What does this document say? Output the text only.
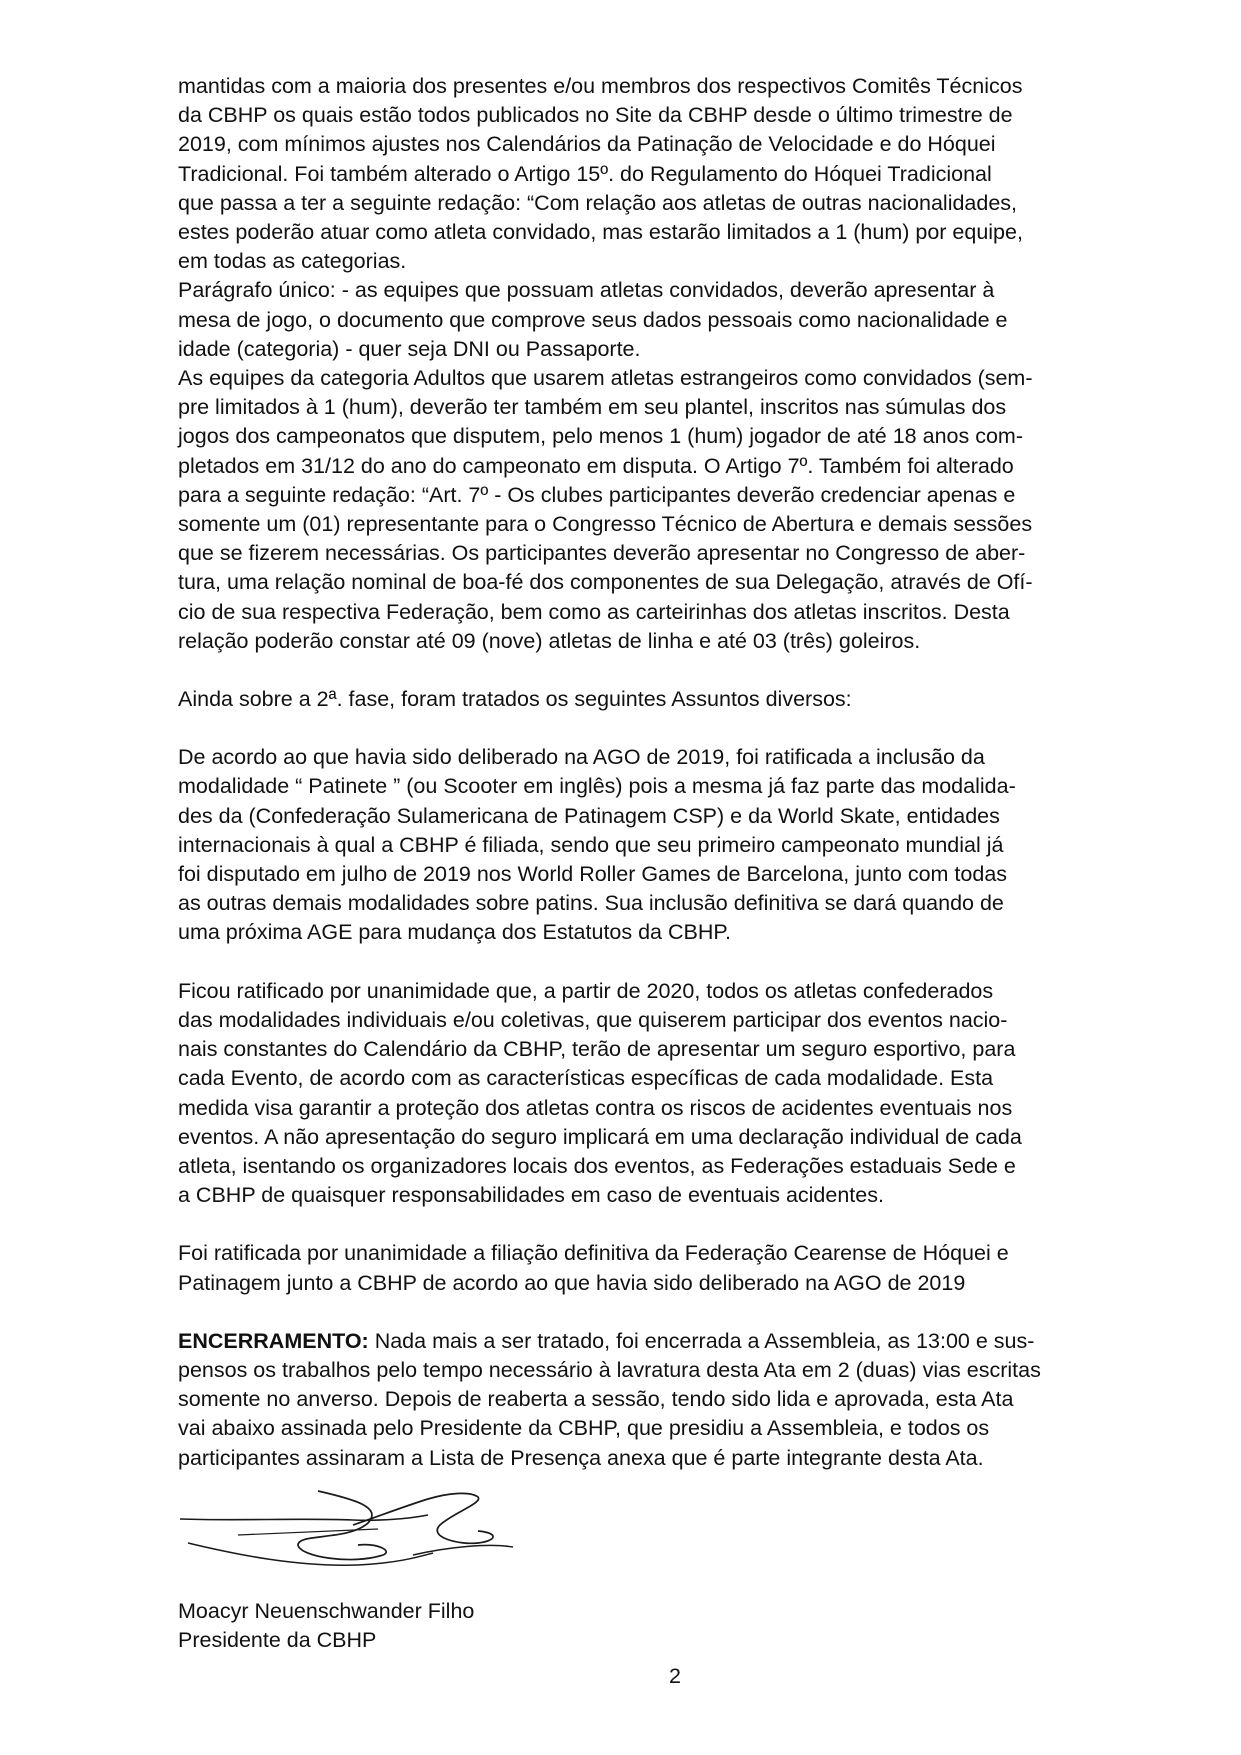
mantidas com a maioria dos presentes e/ou membros dos respectivos Comitês Técnicos
da CBHP os quais estão todos publicados no Site da CBHP desde o último trimestre de
2019, com mínimos ajustes nos Calendários da Patinação de Velocidade e do Hóquei
Tradicional. Foi também alterado o Artigo 15º. do Regulamento do Hóquei Tradicional
que passa a ter a seguinte redação: “Com relação aos atletas de outras nacionalidades,
estes poderão atuar como atleta convidado, mas estarão limitados a 1 (hum) por equipe,
em todas as categorias.
Parágrafo único: - as equipes que possuam atletas convidados, deverão apresentar à
mesa de jogo, o documento que comprove seus dados pessoais como nacionalidade e
idade (categoria) - quer seja DNI ou Passaporte.
As equipes da categoria Adultos que usarem atletas estrangeiros como convidados (sem-
pre limitados à 1 (hum), deverão ter também em seu plantel, inscritos nas súmulas dos
jogos dos campeonatos que disputem, pelo menos 1 (hum) jogador de até 18 anos com-
pletados em 31/12 do ano do campeonato em disputa. O Artigo 7º. Também foi alterado
para a seguinte redação: “Art. 7º - Os clubes participantes deverão credenciar apenas e
somente um (01) representante para o Congresso Técnico de Abertura e demais sessões
que se fizerem necessárias. Os participantes deverão apresentar no Congresso de aber-
tura, uma relação nominal de boa-fé dos componentes de sua Delegação, através de Ofí-
cio de sua respectiva Federação, bem como as carteirinhas dos atletas inscritos. Desta
relação poderão constar até 09 (nove) atletas de linha e até 03 (três) goleiros.

Ainda sobre a 2ª. fase, foram tratados os seguintes Assuntos diversos:

De acordo ao que havia sido deliberado na AGO de 2019, foi ratificada a inclusão da
modalidade “ Patinete ” (ou Scooter em inglês) pois a mesma já faz parte das modalida-
des da (Confederação Sulamericana de Patinagem CSP) e da World Skate, entidades
internacionais à qual a CBHP é filiada, sendo que seu primeiro campeonato mundial já
foi disputado em julho de 2019 nos World Roller Games de Barcelona, junto com todas
as outras demais modalidades sobre patins. Sua inclusão definitiva se dará quando de
uma próxima AGE para mudança dos Estatutos da CBHP.

Ficou ratificado por unanimidade que, a partir de 2020, todos os atletas confederados
das modalidades individuais e/ou coletivas, que quiserem participar dos eventos nacio-
nais constantes do Calendário da CBHP, terão de apresentar um seguro esportivo, para
cada Evento, de acordo com as características específicas de cada modalidade. Esta
medida visa garantir a proteção dos atletas contra os riscos de acidentes eventuais nos
eventos. A não apresentação do seguro implicará em uma declaração individual de cada
atleta, isentando os organizadores locais dos eventos, as Federações estaduais Sede e
a CBHP de quaisquer responsabilidades em caso de eventuais acidentes.

Foi ratificada por unanimidade a filiação definitiva da Federação Cearense de Hóquei e
Patinagem junto a CBHP de acordo ao que havia sido deliberado na AGO de 2019

ENCERRAMENTO: Nada mais a ser tratado, foi encerrada a Assembleia, as 13:00 e sus-
pensos os trabalhos pelo tempo necessário à lavratura desta Ata em 2 (duas) vias escritas
somente no anverso. Depois de reaberta a sessão, tendo sido lida e aprovada, esta Ata
vai abaixo assinada pelo Presidente da CBHP, que presidiu a Assembleia, e todos os
participantes assinaram a Lista de Presença anexa que é parte integrante desta Ata.

Moacyr Neuenschwander Filho
Presidente da CBHP
2
